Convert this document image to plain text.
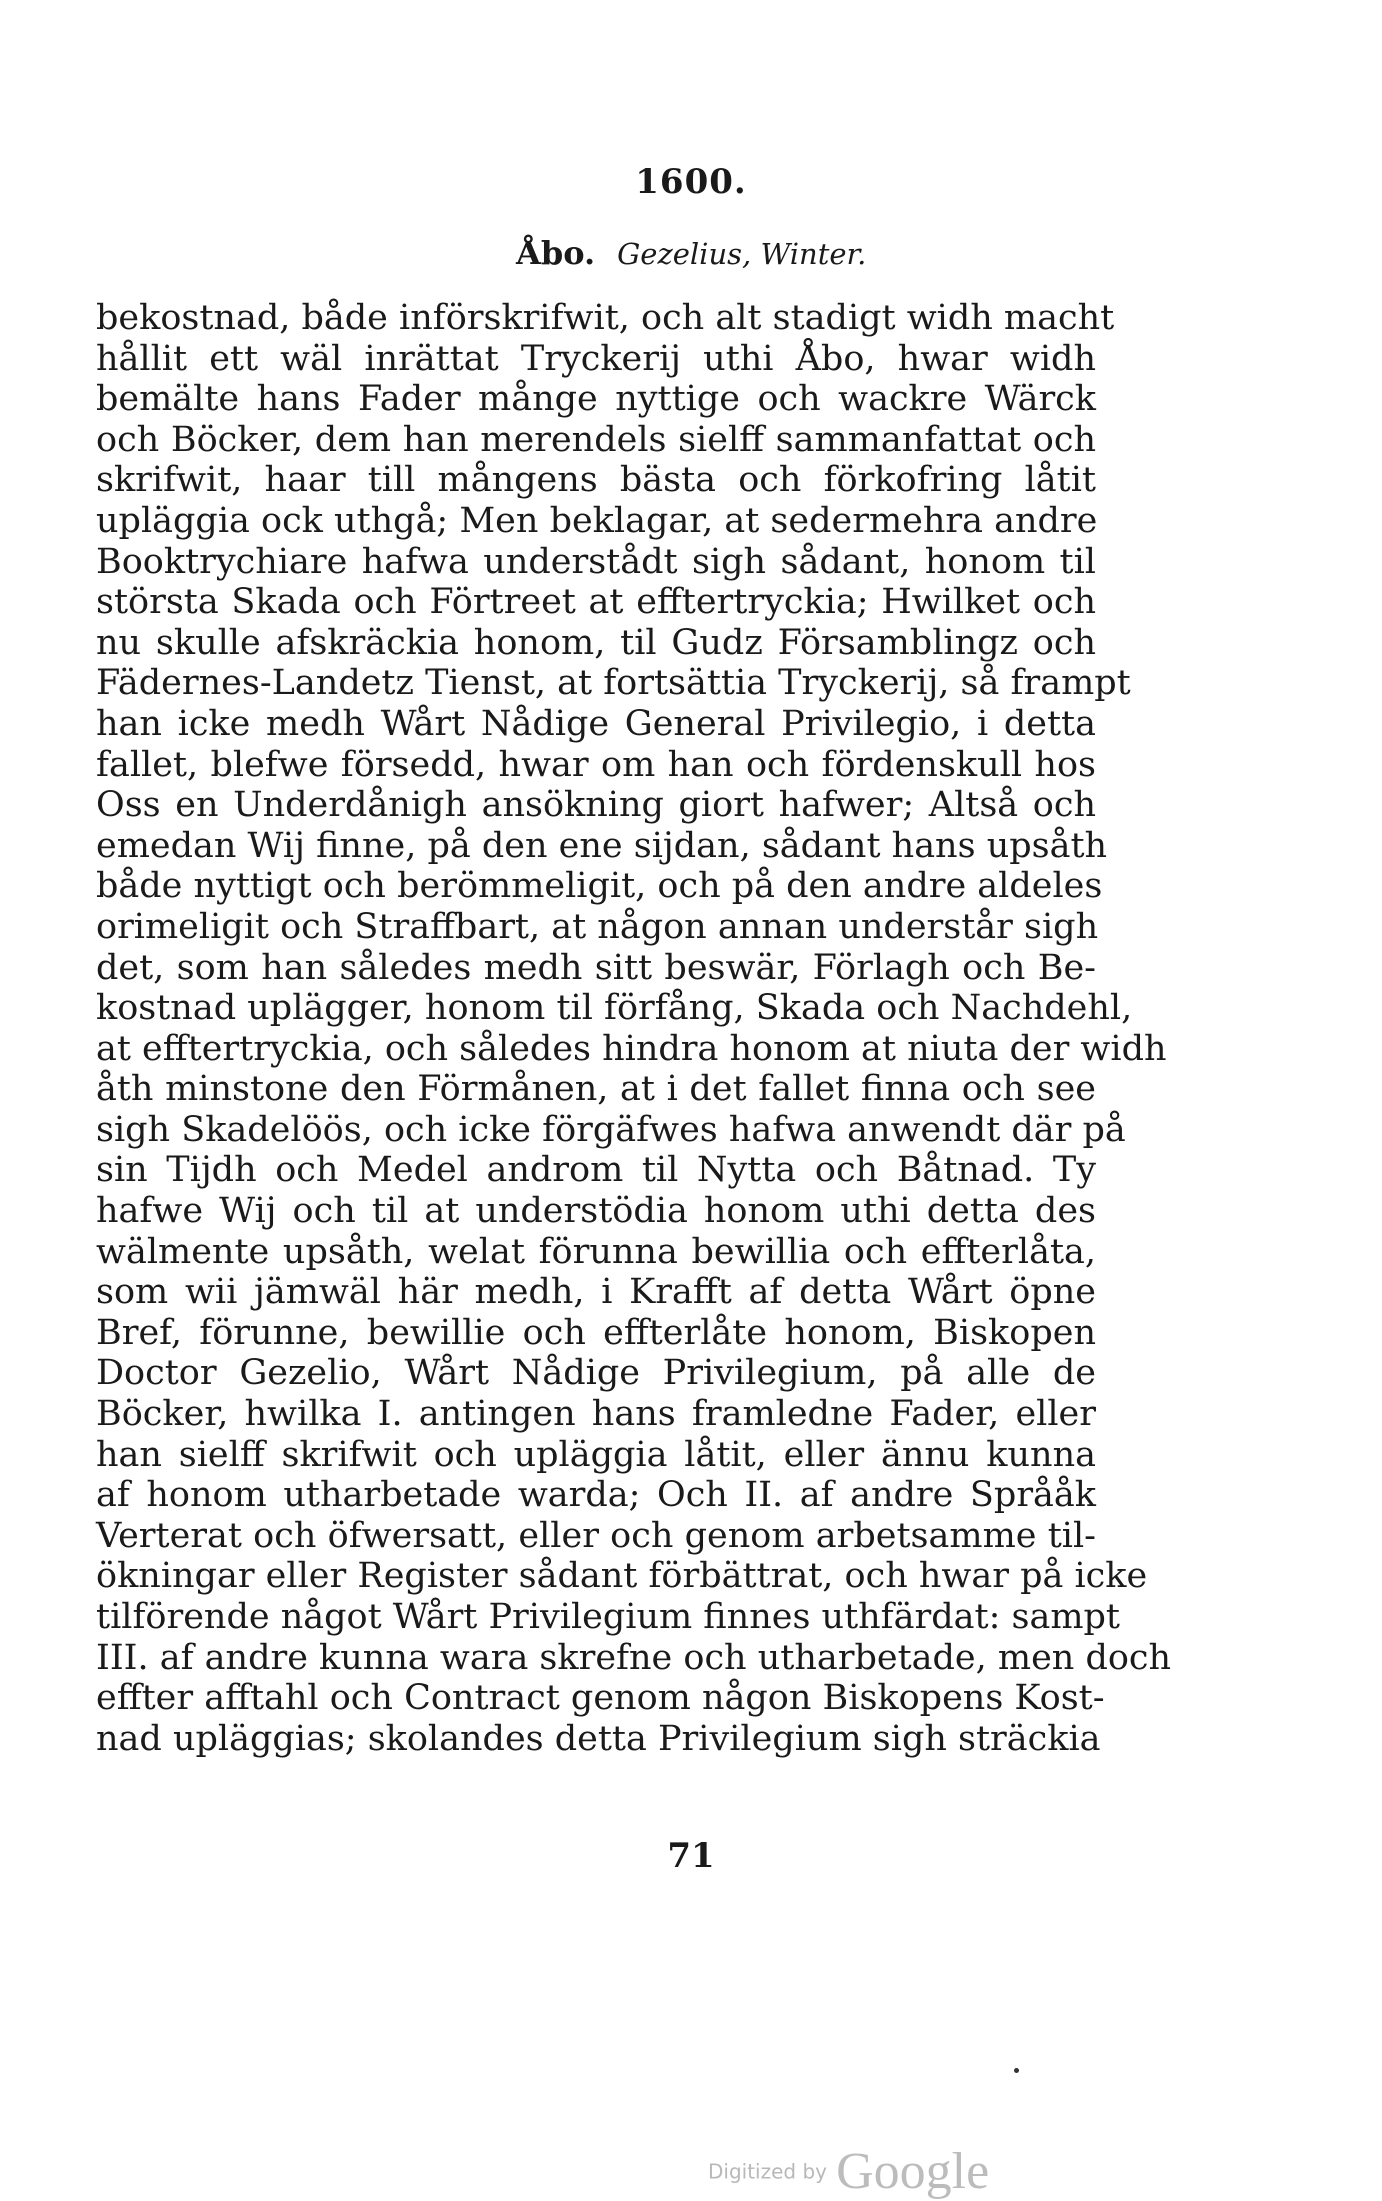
1600.
Åbo. Gezelius, Winter.
bekostnad, både införskrifwit, och alt stadigt widh macht
hållit ett wäl inrättat Tryckerij uthi Åbo, hwar widh
bemälte hans Fader månge nyttige och wackre Wärck
och Böcker, dem han merendels sielff sammanfattat och
skrifwit, haar till mångens bästa och förkofring låtit
upläggia ock uthgå; Men beklagar, at sedermehra andre
Booktrychiare hafwa understådt sigh sådant, honom til
största Skada och Förtreet at efftertryckia; Hwilket och
nu skulle afskräckia honom, til Gudz Församblingz och
Fädernes-Landetz Tienst, at fortsättia Tryckerij, så frampt
han icke medh Wårt Nådige General Privilegio, i detta
fallet, blefwe försedd, hwar om han och fördenskull hos
Oss en Underdånigh ansökning giort hafwer; Altså och
emedan Wij finne, på den ene sijdan, sådant hans upsåth
både nyttigt och berömmeligit, och på den andre aldeles
orimeligit och Straffbart, at någon annan understår sigh
det, som han således medh sitt beswär, Förlagh och Be-
kostnad uplägger, honom til förfång, Skada och Nachdehl,
at efftertryckia, och således hindra honom at niuta der widh
åth minstone den Förmånen, at i det fallet finna och see
sigh Skadelöös, och icke förgäfwes hafwa anwendt där på
sin Tijdh och Medel androm til Nytta och Båtnad. Ty
hafwe Wij och til at understödia honom uthi detta des
wälmente upsåth, welat förunna bewillia och effterlåta,
som wii jämwäl här medh, i Krafft af detta Wårt öpne
Bref, förunne, bewillie och effterlåte honom, Biskopen
Doctor Gezelio, Wårt Nådige Privilegium, på alle de
Böcker, hwilka I. antingen hans framledne Fader, eller
han sielff skrifwit och upläggia låtit, eller ännu kunna
af honom utharbetade warda; Och II. af andre Språåk
Verterat och öfwersatt, eller och genom arbetsamme til-
ökningar eller Register sådant förbättrat, och hwar på icke
tilförende något Wårt Privilegium finnes uthfärdat: sampt
III. af andre kunna wara skrefne och utharbetade, men doch
effter afftahl och Contract genom någon Biskopens Kost-
nad upläggias; skolandes detta Privilegium sigh sträckia
71
Digitized by Google
